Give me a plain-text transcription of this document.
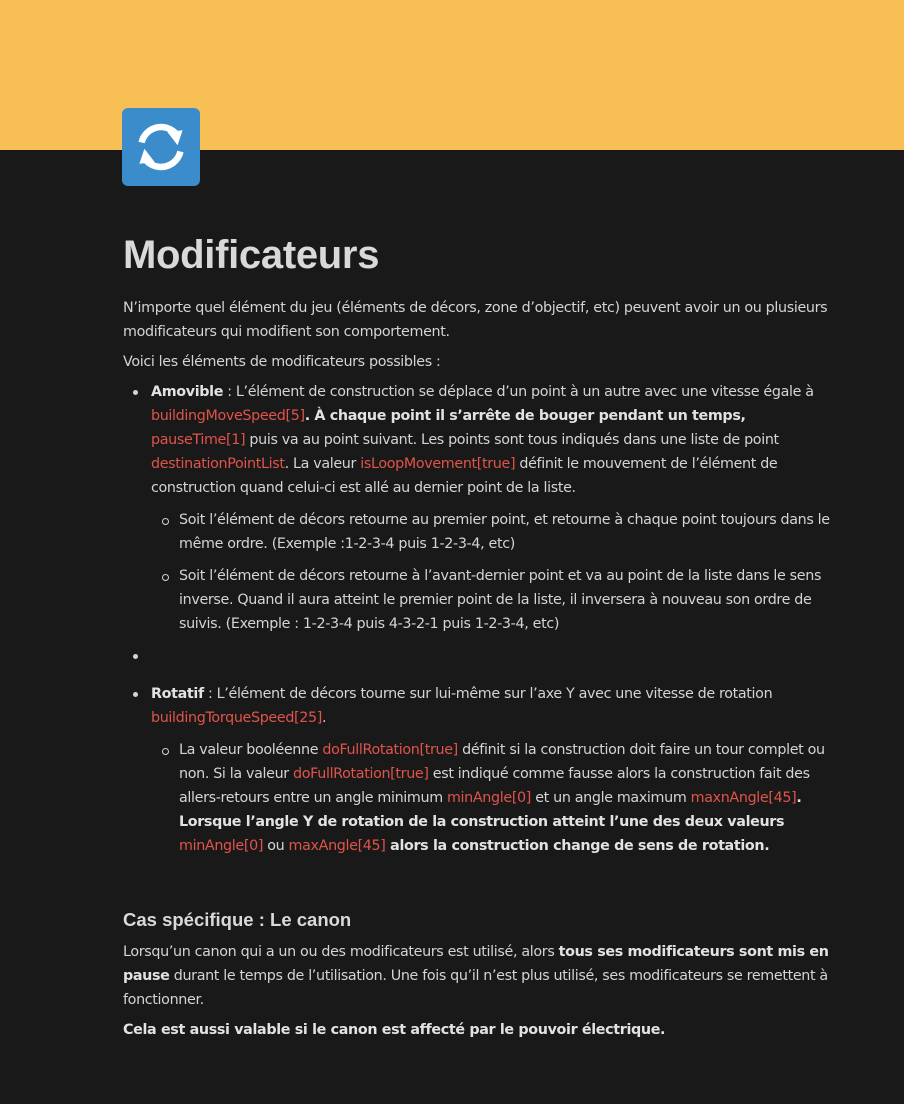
Modificateurs

N’importe quel élément du jeu (éléments de décors, zone d’objectif, etc) peuvent avoir un ou plusieurs modificateurs qui modifient son comportement.

Voici les éléments de modificateurs possibles :

Amovible : L’élément de construction se déplace d’un point à un autre avec une vitesse égale à buildingMoveSpeed[5]. À chaque point il s’arrête de bouger pendant un temps, pauseTime[1] puis va au point suivant. Les points sont tous indiqués dans une liste de point destinationPointList. La valeur isLoopMovement[true] définit le mouvement de l’élément de construction quand celui-ci est allé au dernier point de la liste.
Soit l’élément de décors retourne au premier point, et retourne à chaque point toujours dans le même ordre. (Exemple :1-2-3-4 puis 1-2-3-4, etc)
Soit l’élément de décors retourne à l’avant-dernier point et va au point de la liste dans le sens inverse. Quand il aura atteint le premier point de la liste, il inversera à nouveau son ordre de suivis. (Exemple : 1-2-3-4 puis 4-3-2-1 puis 1-2-3-4, etc)
Rotatif : L’élément de décors tourne sur lui-même sur l’axe Y avec une vitesse de rotation buildingTorqueSpeed[25].
La valeur booléenne doFullRotation[true] définit si la construction doit faire un tour complet ou non. Si la valeur doFullRotation[true] est indiqué comme fausse alors la construction fait des allers-retours entre un angle minimum minAngle[0] et un angle maximum maxnAngle[45]. Lorsque l’angle Y de rotation de la construction atteint l’une des deux valeurs minAngle[0] ou maxAngle[45] alors la construction change de sens de rotation.
Cas spécifique : Le canon

Lorsqu’un canon qui a un ou des modificateurs est utilisé, alors tous ses modificateurs sont mis en pause durant le temps de l’utilisation. Une fois qu’il n’est plus utilisé, ses modificateurs se remettent à fonctionner.

Cela est aussi valable si le canon est affecté par le pouvoir électrique.
